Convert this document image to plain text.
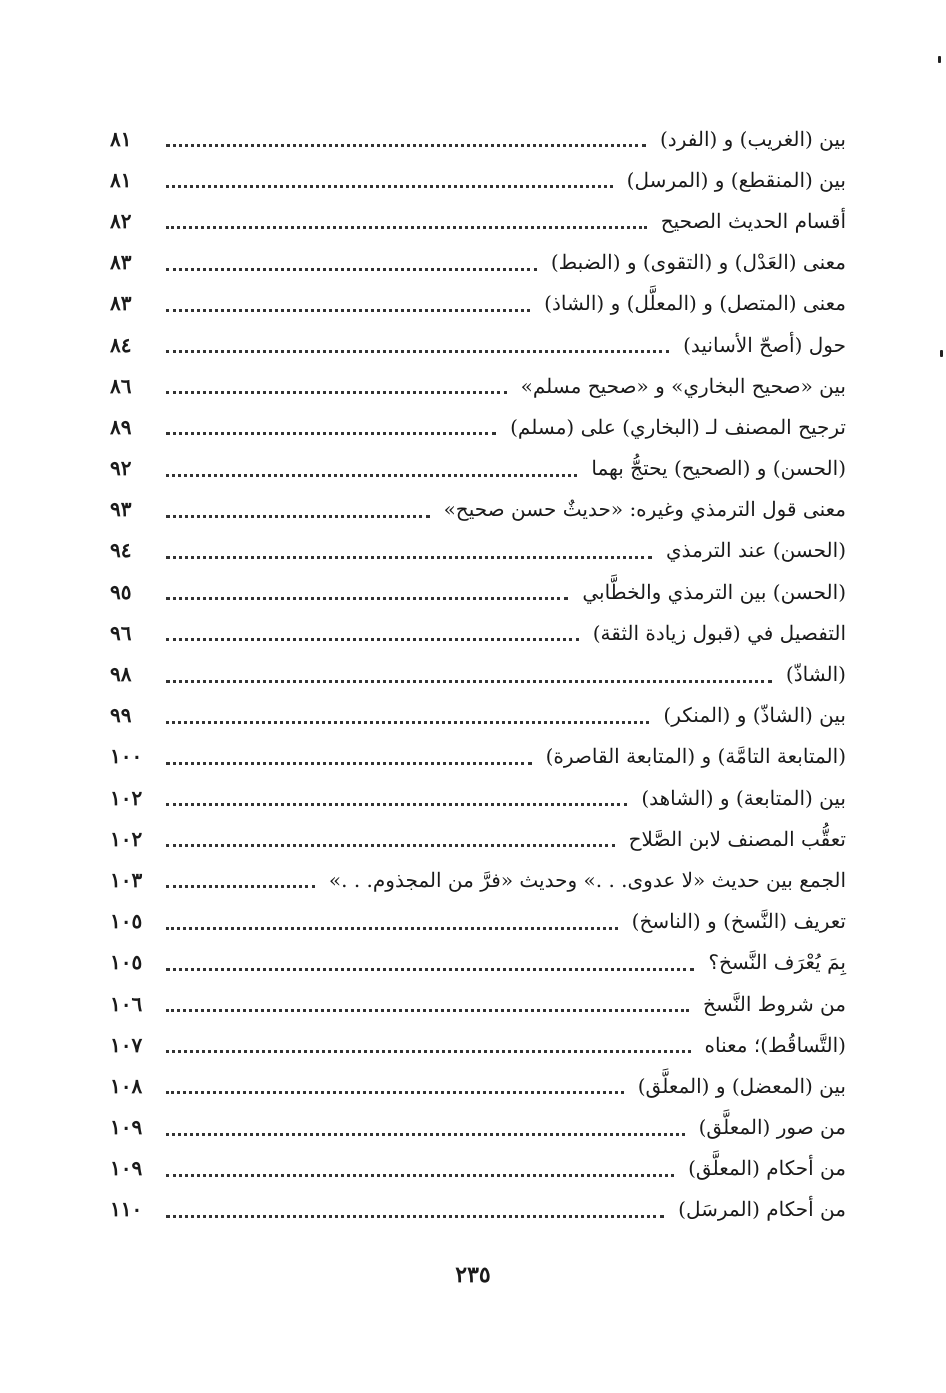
بين (الغريب) و (الفرد)
٨١
بين (المنقطع) و (المرسل)
٨١
أقسام الحديث الصحيح
٨٢
معنى (العَدْل) و (التقوى) و (الضبط)
٨٣
معنى (المتصل) و (المعلَّل) و (الشاذ)
٨٣
حول (أصحّ الأسانيد)
٨٤
بين «صحيح البخاري» و «صحيح مسلم»
٨٦
ترجيح المصنف لـ (البخاري) على (مسلم)
٨٩
(الحسن) و (الصحيح) يحتجُّ بهما
٩٢
معنى قول الترمذي وغيره: «حديثٌ حسن صحيح»
٩٣
(الحسن) عند الترمذي
٩٤
(الحسن) بين الترمذي والخطَّابي
٩٥
التفصيل في (قبول زيادة الثقة)
٩٦
(الشاذّ)
٩٨
بين (الشاذّ) و (المنكر)
٩٩
(المتابعة التامَّة) و (المتابعة القاصرة)
١٠٠
بين (المتابعة) و (الشاهد)
١٠٢
تعقُّب المصنف لابن الصَّلاح
١٠٢
الجمع بين حديث «لا عدوى. . .» وحديث «فرَّ من المجذوم. . .»
١٠٣
تعريف (النَّسخ) و (الناسخ)
١٠٥
بِمَ يُعْرَف النَّسخ؟
١٠٥
من شروط النَّسخ
١٠٦
(التَّساقُط)؛ معناه
١٠٧
بين (المعضل) و (المعلَّق)
١٠٨
من صور (المعلَّق)
١٠٩
من أحكام (المعلَّق)
١٠٩
من أحكام (المرسَل)
١١٠
٢٣٥
